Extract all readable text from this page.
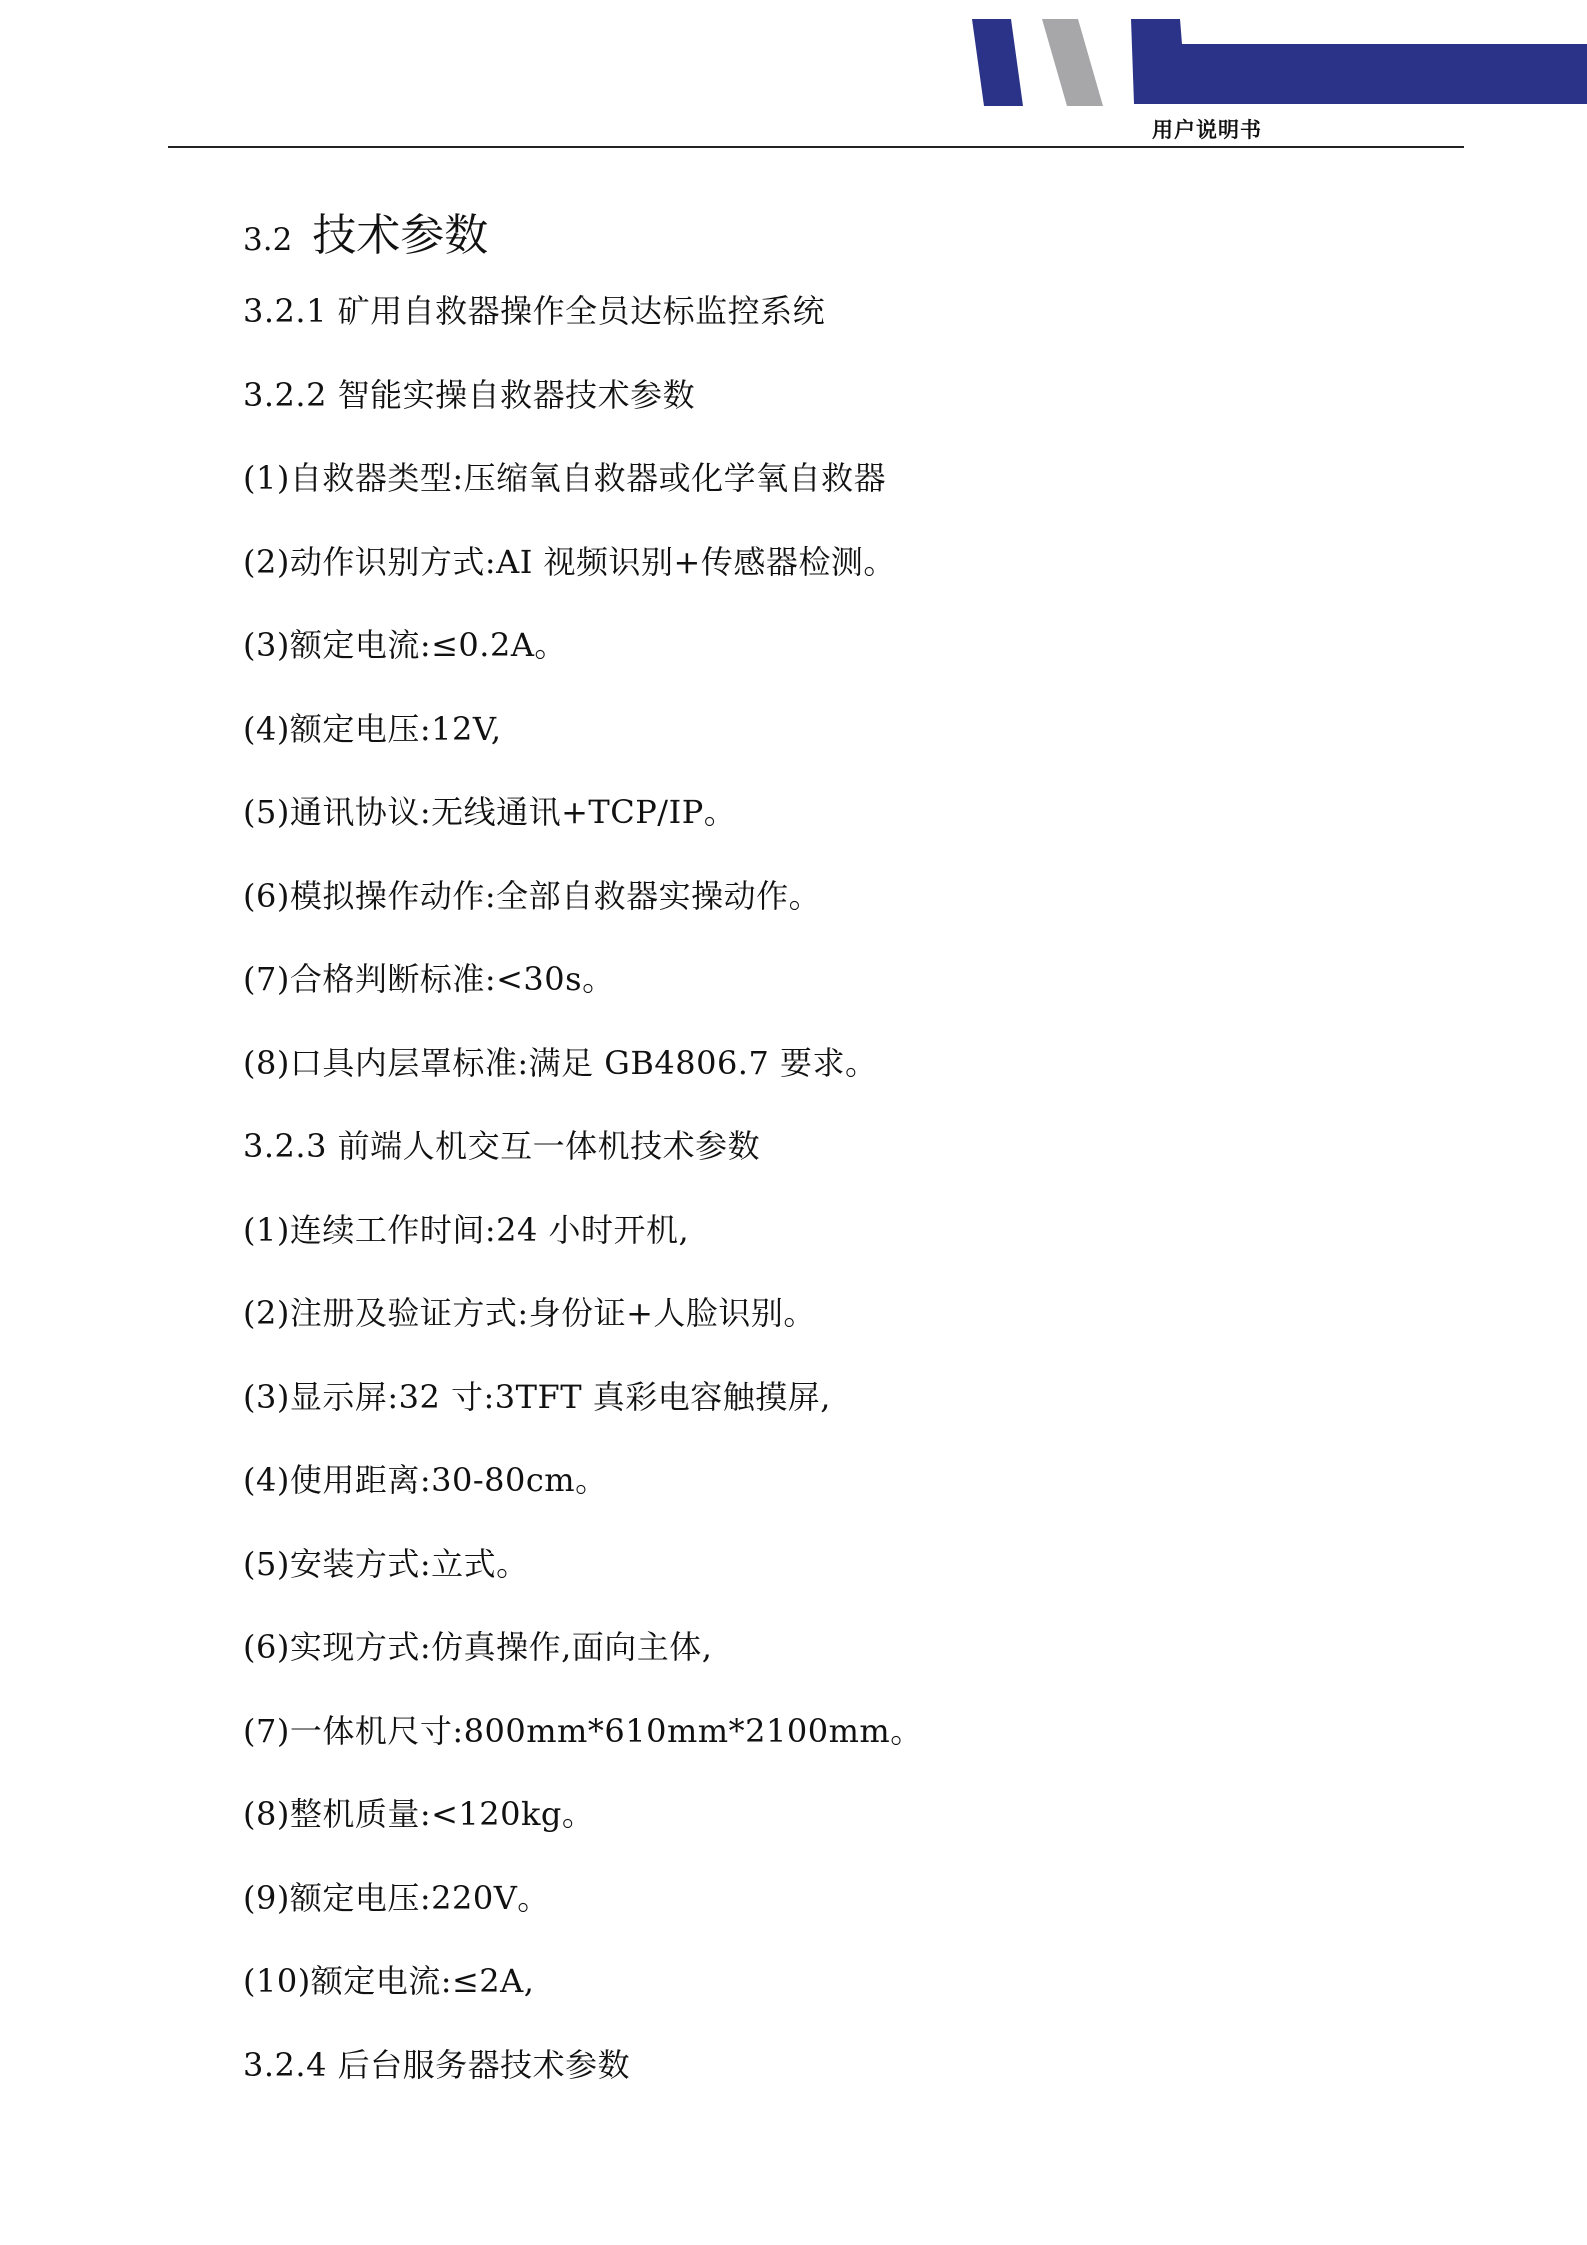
用户说明书
3.2 技术参数
3.2.1 矿用自救器操作全员达标监控系统
3.2.2 智能实操自救器技术参数
(1)自救器类型:压缩氧自救器或化学氧自救器
(2)动作识别方式:AI 视频识别+传感器检测。
(3)额定电流:≤0.2A。
(4)额定电压:12V,
(5)通讯协议:无线通讯+TCP/IP。
(6)模拟操作动作:全部自救器实操动作。
(7)合格判断标准:<30s。
(8)口具内层罩标准:满足 GB4806.7 要求。
3.2.3 前端人机交互一体机技术参数
(1)连续工作时间:24 小时开机,
(2)注册及验证方式:身份证+人脸识别。
(3)显示屏:32 寸:3TFT 真彩电容触摸屏,
(4)使用距离:30-80cm。
(5)安装方式:立式。
(6)实现方式:仿真操作,面向主体,
(7)一体机尺寸:800mm*610mm*2100mm。
(8)整机质量:<120kg。
(9)额定电压:220V。
(10)额定电流:≤2A,
3.2.4 后台服务器技术参数
